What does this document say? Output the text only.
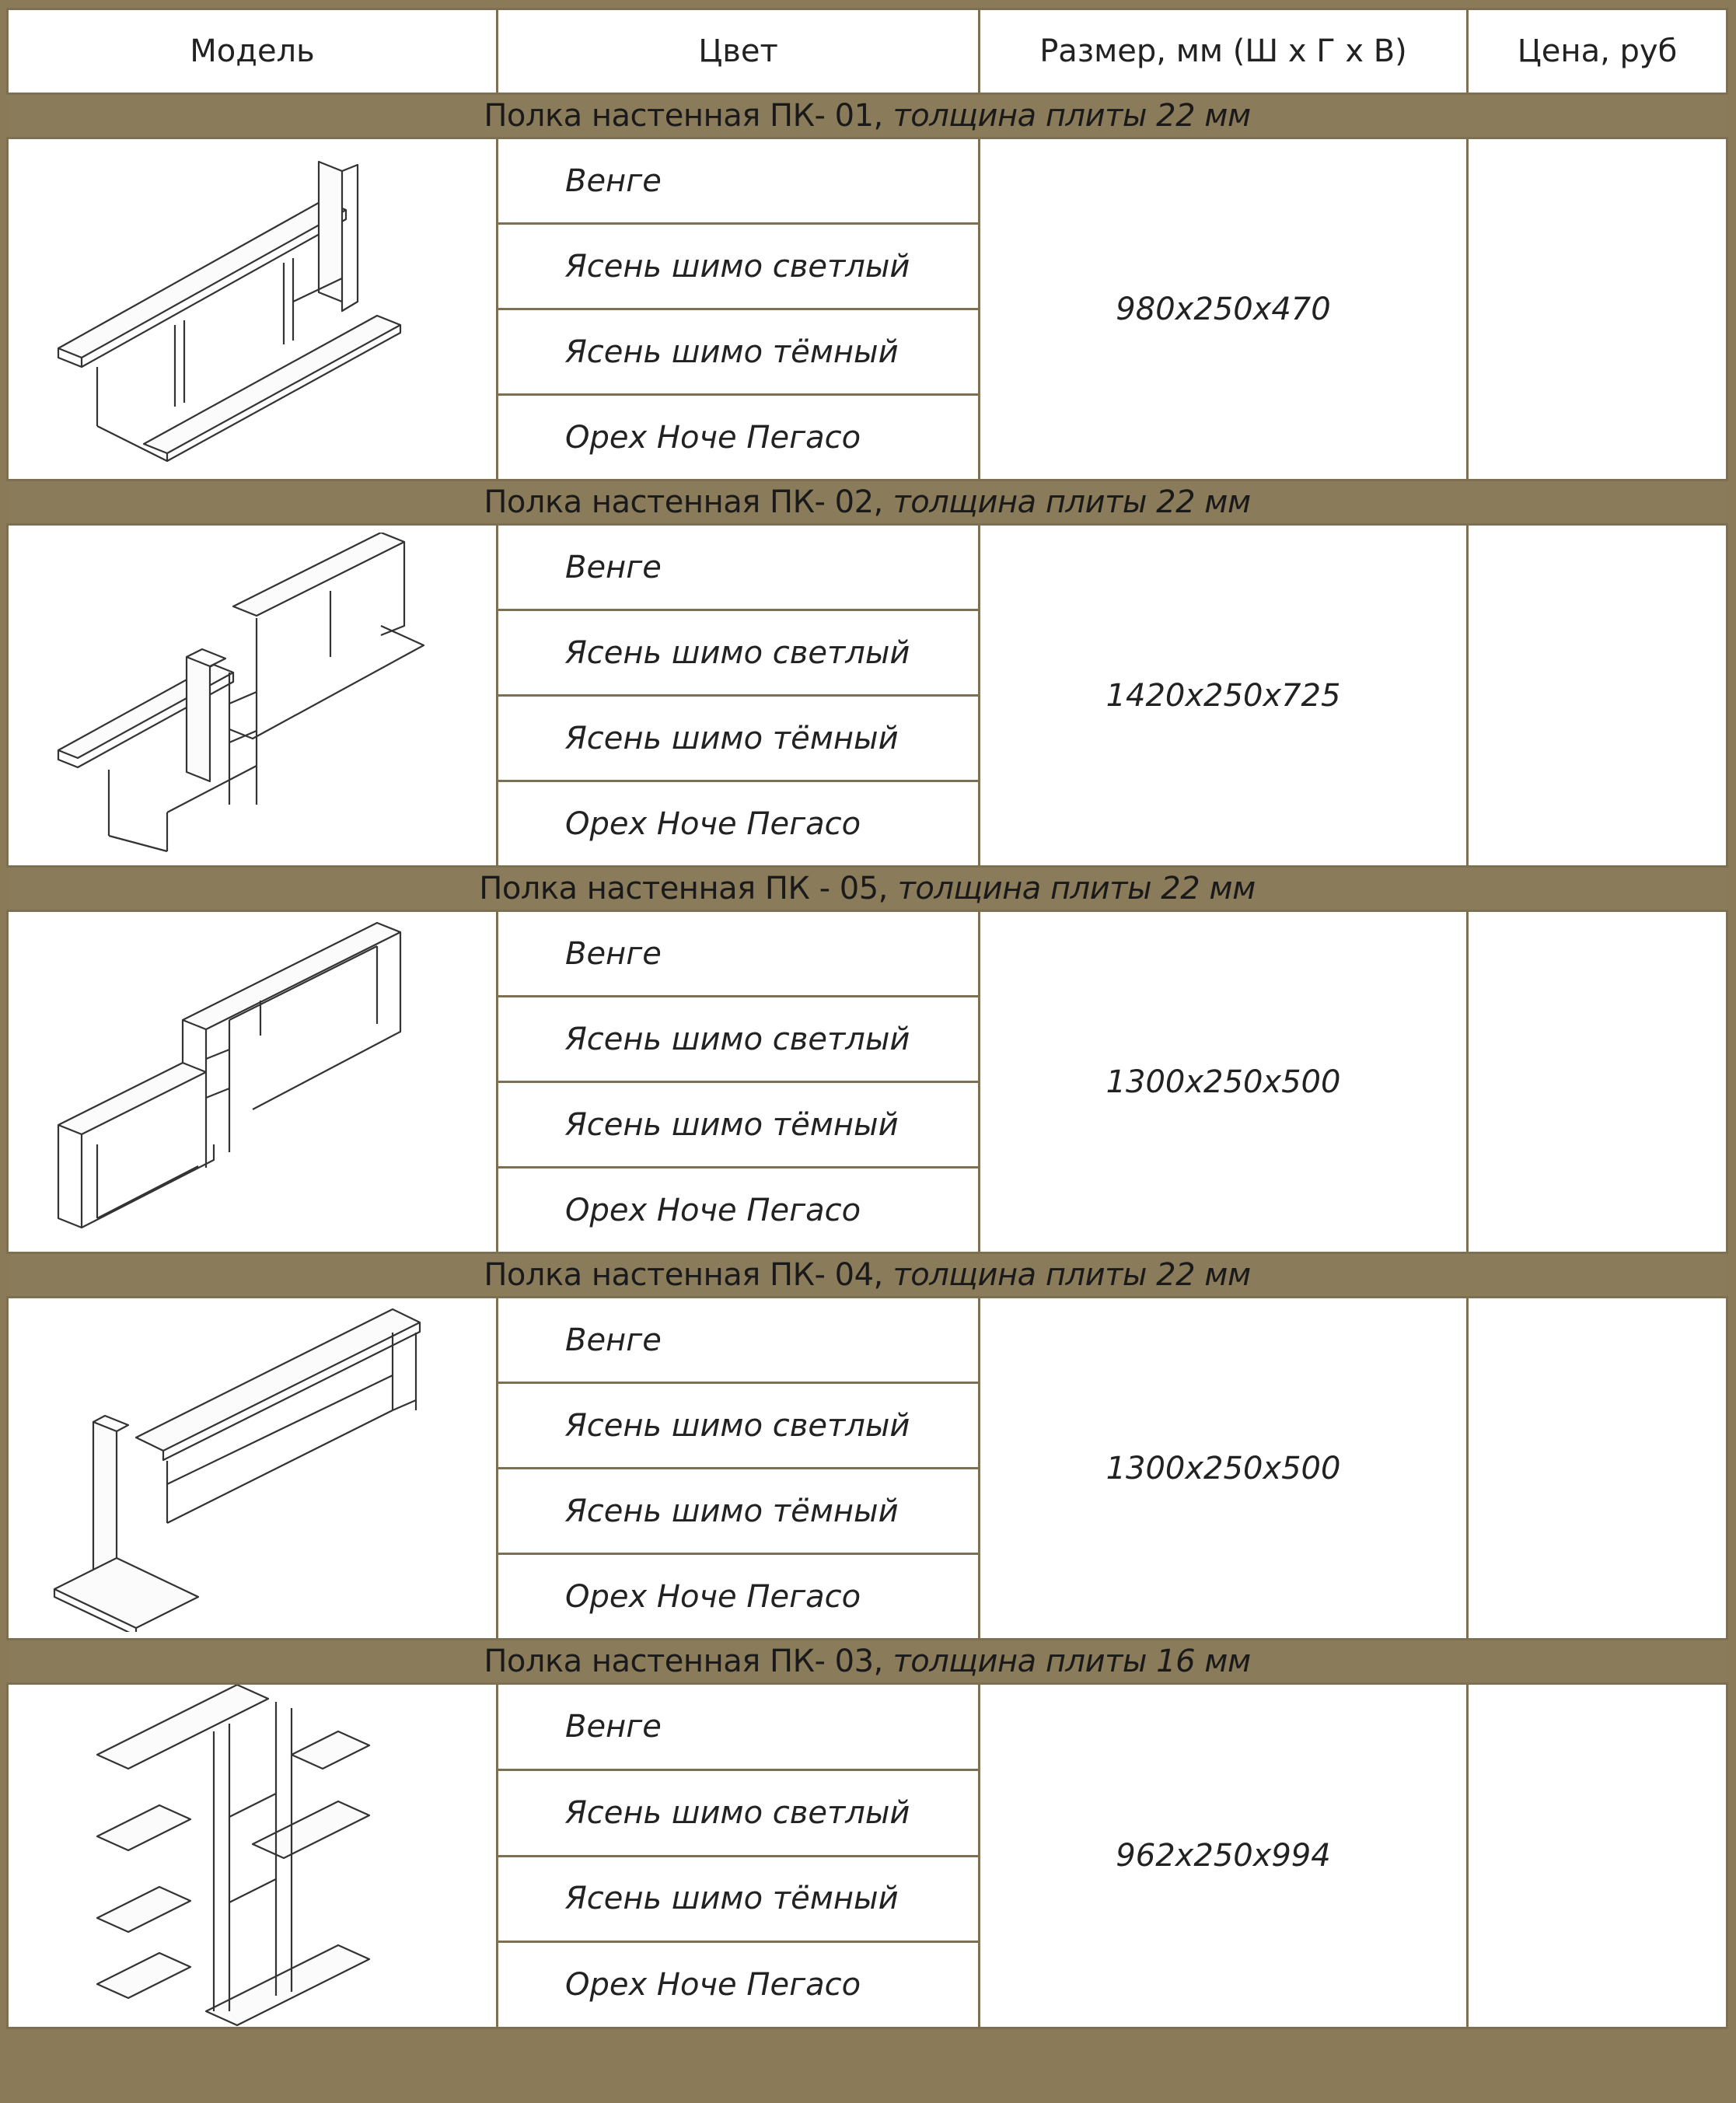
Модель	Цвет	Размер, мм (Ш х Г х В)	Цена, руб
Полка настенная ПК- 01, толщина плиты 22 мм			

	Венге	980х250х470	
	Ясень шимо светлый		
	Ясень шимо тёмный		
	Орех Ноче Пегасо		
Полка настенная ПК- 02, толщина плиты 22 мм			

	Венге	1420х250х725	
	Ясень шимо светлый		
	Ясень шимо тёмный		
	Орех Ноче Пегасо		
Полка настенная ПК - 05, толщина плиты 22 мм			

	Венге	1300х250х500	
	Ясень шимо светлый		
	Ясень шимо тёмный		
	Орех Ноче Пегасо		
Полка настенная ПК- 04, толщина плиты 22 мм			

	Венге	1300х250х500	
	Ясень шимо светлый		
	Ясень шимо тёмный		
	Орех Ноче Пегасо		
Полка настенная ПК- 03, толщина плиты 16 мм			

	Венге	962х250х994	
	Ясень шимо светлый		
	Ясень шимо тёмный		
	Орех Ноче Пегасо		
